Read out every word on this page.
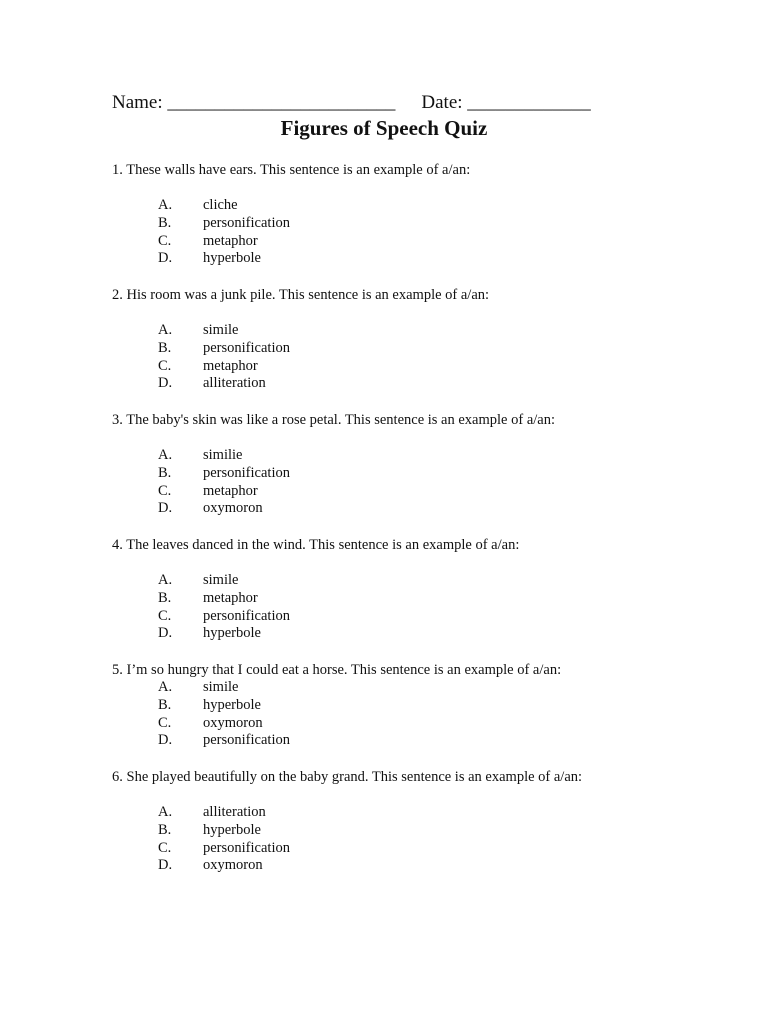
Name: ________________________ Date: _____________
Figures of Speech Quiz
1. These walls have ears. This sentence is an example of a/an:
A. cliche
B. personification
C. metaphor
D. hyperbole
2. His room was a junk pile. This sentence is an example of a/an:
A. simile
B. personification
C. metaphor
D. alliteration
3. The baby's skin was like a rose petal. This sentence is an example of a/an:
A. similie
B. personification
C. metaphor
D. oxymoron
4. The leaves danced in the wind. This sentence is an example of a/an:
A. simile
B. metaphor
C. personification
D. hyperbole
5. I’m so hungry that I could eat a horse. This sentence is an example of a/an:
A. simile
B. hyperbole
C. oxymoron
D. personification
6. She played beautifully on the baby grand. This sentence is an example of a/an:
A. alliteration
B. hyperbole
C. personification
D. oxymoron
